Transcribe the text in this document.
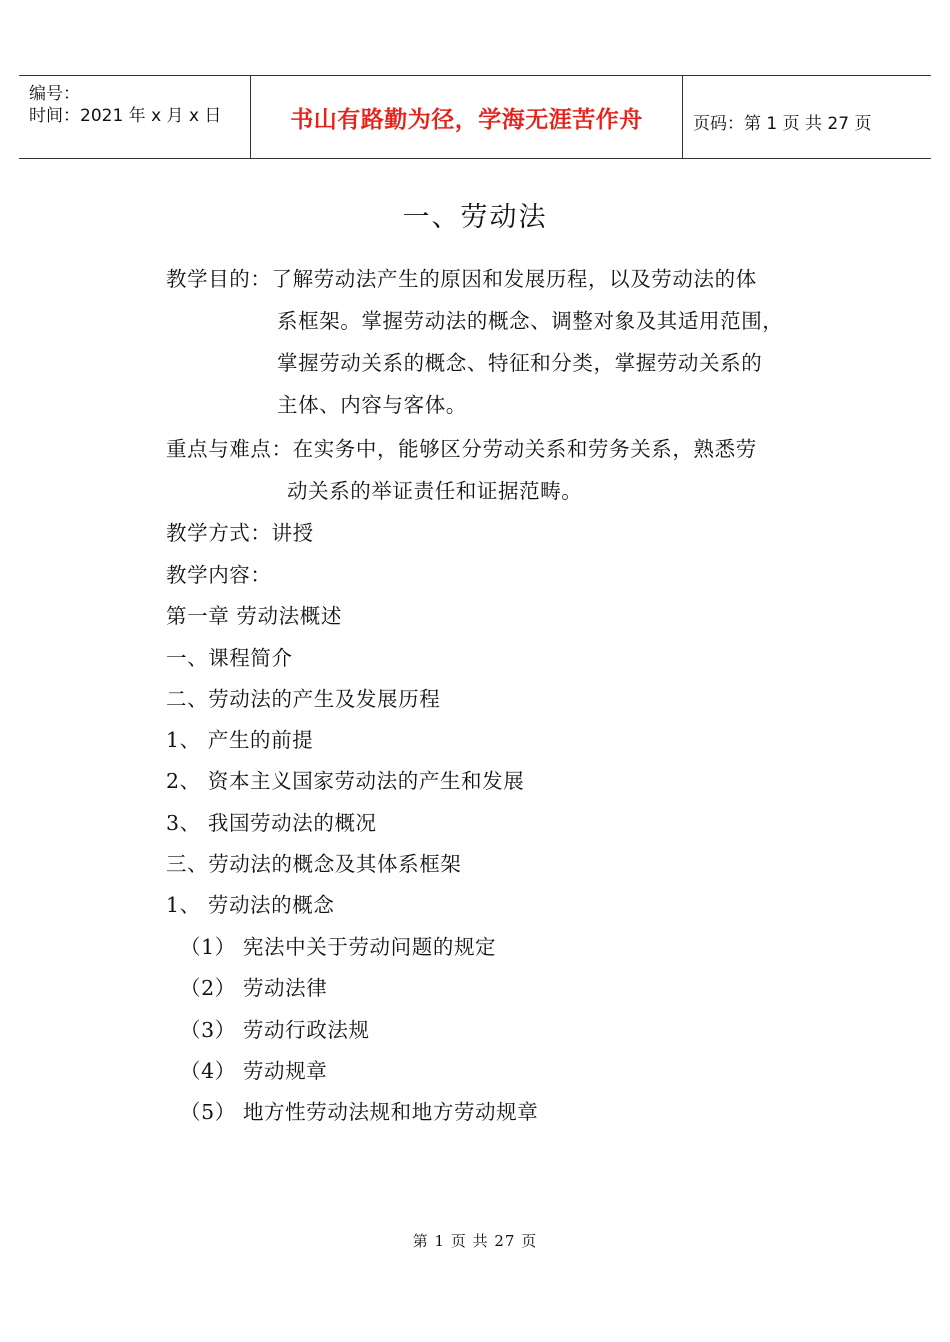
编号：
时间：2021 年 x 月 x 日	书山有路勤为径，学海无涯苦作舟	页码：第 1 页 共 27 页
一、劳动法
教学目的：了解劳动法产生的原因和发展历程，以及劳动法的体
系框架。掌握劳动法的概念、调整对象及其适用范围，
掌握劳动关系的概念、特征和分类，掌握劳动关系的
主体、内容与客体。
重点与难点：在实务中，能够区分劳动关系和劳务关系，熟悉劳
动关系的举证责任和证据范畴。
教学方式：讲授
教学内容：
第一章 劳动法概述
一、课程简介
二、劳动法的产生及发展历程
1、 产生的前提
2、 资本主义国家劳动法的产生和发展
3、 我国劳动法的概况
三、劳动法的概念及其体系框架
1、 劳动法的概念
（1） 宪法中关于劳动问题的规定
（2） 劳动法律
（3） 劳动行政法规
（4） 劳动规章
（5） 地方性劳动法规和地方劳动规章
第 1 页 共 27 页
